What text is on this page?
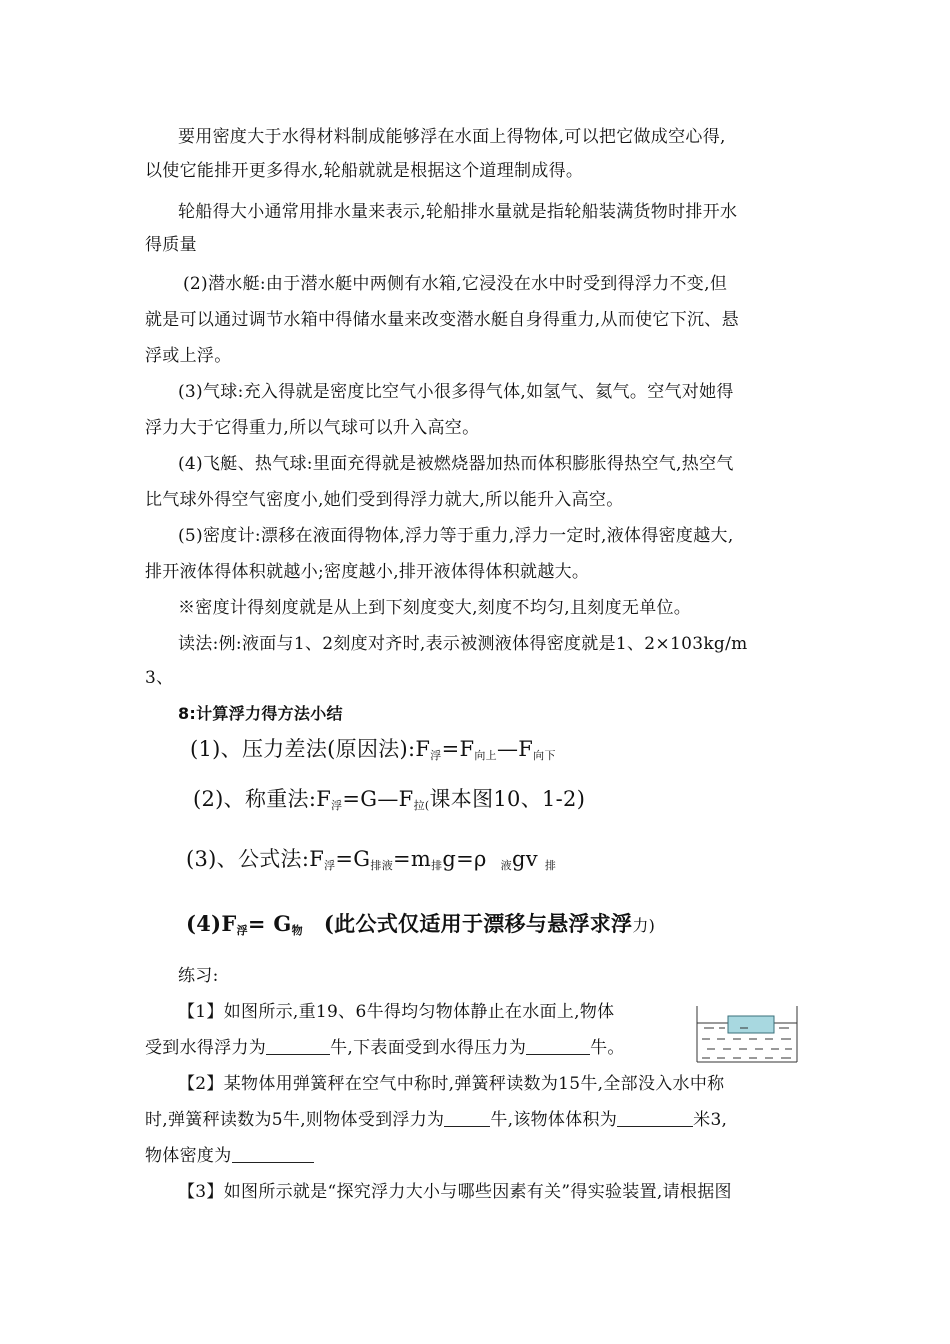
要用密度大于水得材料制成能够浮在水面上得物体,可以把它做成空心得,
以使它能排开更多得水,轮船就就是根据这个道理制成得。
轮船得大小通常用排水量来表示,轮船排水量就是指轮船装满货物时排开水
得质量
(2)潜水艇:由于潜水艇中两侧有水箱,它浸没在水中时受到得浮力不变,但
就是可以通过调节水箱中得储水量来改变潜水艇自身得重力,从而使它下沉、悬
浮或上浮。
(3)气球:充入得就是密度比空气小很多得气体,如氢气、氦气。空气对她得
浮力大于它得重力,所以气球可以升入高空。
(4)飞艇、热气球:里面充得就是被燃烧器加热而体积膨胀得热空气,热空气
比气球外得空气密度小,她们受到得浮力就大,所以能升入高空。
(5)密度计:漂移在液面得物体,浮力等于重力,浮力一定时,液体得密度越大,
排开液体得体积就越小;密度越小,排开液体得体积就越大。
※密度计得刻度就是从上到下刻度变大,刻度不均匀,且刻度无单位。
读法:例:液面与1、2刻度对齐时,表示被测液体得密度就是1、2×103kg/m
3、
8:计算浮力得方法小结
(1)、压力差法(原因法)$:F_浮=F_{向上}—F_{向下}$
(2)、称重法$:F_浮=G—F_{拉(}$课本图10、1-2)
(3)、公式法$:F_浮=G_{排液}=m_排g=\rho$ $_液$gv $_排$
$(4)F_浮= G_物$ (此公式仅适用于漂移与悬浮求浮力)
练习:
【1】如图所示,重19、6牛得均匀物体静止在水面上,物体
受到水得浮力为	牛,下表面受到水得压力为	牛。
【2】某物体用弹簧秤在空气中称时,弹簧秤读数为15牛,全部没入水中称
时,弹簧秤读数为5牛,则物体受到浮力为	牛,该物体体积为	米3,
物体密度为
【3】如图所示就是“探究浮力大小与哪些因素有关”得实验装置,请根据图
